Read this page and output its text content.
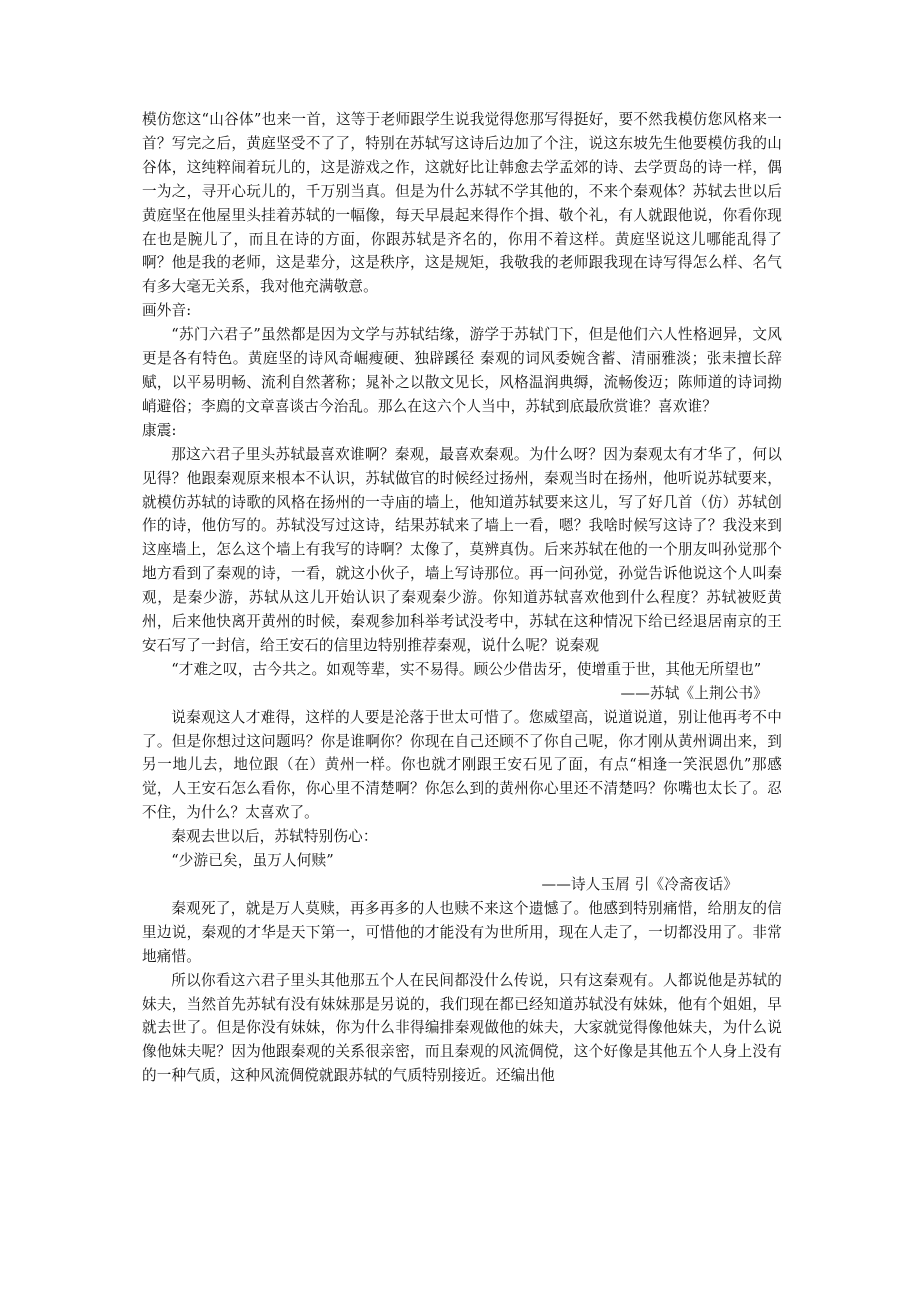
模仿您这“山谷体”也来一首，这等于老师跟学生说我觉得您那写得挺好，要不然我模仿您风格来一首？写完之后，黄庭坚受不了了，特别在苏轼写这诗后边加了个注，说这东坡先生他要模仿我的山谷体，这纯粹闹着玩儿的，这是游戏之作，这就好比让韩愈去学孟郊的诗、去学贾岛的诗一样，偶一为之，寻开心玩儿的，千万别当真。但是为什么苏轼不学其他的，不来个秦观体？苏轼去世以后黄庭坚在他屋里头挂着苏轼的一幅像，每天早晨起来得作个揖、敬个礼，有人就跟他说，你看你现在也是腕儿了，而且在诗的方面，你跟苏轼是齐名的，你用不着这样。黄庭坚说这儿哪能乱得了啊？他是我的老师，这是辈分，这是秩序，这是规矩，我敬我的老师跟我现在诗写得怎么样、名气有多大毫无关系，我对他充满敬意。

画外音:

“苏门六君子”虽然都是因为文学与苏轼结缘，游学于苏轼门下，但是他们六人性格迥异，文风更是各有特色。黄庭坚的诗风奇崛瘦硬、独辟蹊径 秦观的词风委婉含蓄、清丽雅淡；张耒擅长辞赋，以平易明畅、流利自然著称；晁补之以散文见长，风格温润典缛，流畅俊迈；陈师道的诗词拗峭避俗；李廌的文章喜谈古今治乱。那么在这六个人当中，苏轼到底最欣赏谁？喜欢谁？

康震:

那这六君子里头苏轼最喜欢谁啊？秦观，最喜欢秦观。为什么呀？因为秦观太有才华了，何以见得？他跟秦观原来根本不认识，苏轼做官的时候经过扬州，秦观当时在扬州，他听说苏轼要来，就模仿苏轼的诗歌的风格在扬州的一寺庙的墙上，他知道苏轼要来这儿，写了好几首（仿）苏轼创作的诗，他仿写的。苏轼没写过这诗，结果苏轼来了墙上一看，嗯？我啥时候写这诗了？我没来到这座墙上，怎么这个墙上有我写的诗啊？太像了，莫辨真伪。后来苏轼在他的一个朋友叫孙觉那个地方看到了秦观的诗，一看，就这小伙子，墙上写诗那位。再一问孙觉，孙觉告诉他说这个人叫秦观，是秦少游，苏轼从这儿开始认识了秦观秦少游。你知道苏轼喜欢他到什么程度？苏轼被贬黄州，后来他快离开黄州的时候，秦观参加科举考试没考中，苏轼在这种情况下给已经退居南京的王安石写了一封信，给王安石的信里边特别推荐秦观，说什么呢？说秦观

“才难之叹，古今共之。如观等辈，实不易得。顾公少借齿牙，使增重于世，其他无所望也”

——苏轼《上荆公书》

说秦观这人才难得，这样的人要是沦落于世太可惜了。您威望高，说道说道，别让他再考不中了。但是你想过这问题吗？你是谁啊你？你现在自己还顾不了你自己呢，你才刚从黄州调出来，到另一地儿去，地位跟（在）黄州一样。你也就才刚跟王安石见了面，有点“相逢一笑泯恩仇”那感觉，人王安石怎么看你，你心里不清楚啊？你怎么到的黄州你心里还不清楚吗？你嘴也太长了。忍不住，为什么？太喜欢了。

秦观去世以后，苏轼特别伤心：

“少游已矣，虽万人何赎”

——诗人玉屑 引《冷斋夜话》

秦观死了，就是万人莫赎，再多再多的人也赎不来这个遗憾了。他感到特别痛惜，给朋友的信里边说，秦观的才华是天下第一，可惜他的才能没有为世所用，现在人走了，一切都没用了。非常地痛惜。

所以你看这六君子里头其他那五个人在民间都没什么传说，只有这秦观有。人都说他是苏轼的妹夫，当然首先苏轼有没有妹妹那是另说的，我们现在都已经知道苏轼没有妹妹，他有个姐姐，早就去世了。但是你没有妹妹，你为什么非得编排秦观做他的妹夫，大家就觉得像他妹夫，为什么说像他妹夫呢？因为他跟秦观的关系很亲密，而且秦观的风流倜傥，这个好像是其他五个人身上没有的一种气质，这种风流倜傥就跟苏轼的气质特别接近。还编出他
